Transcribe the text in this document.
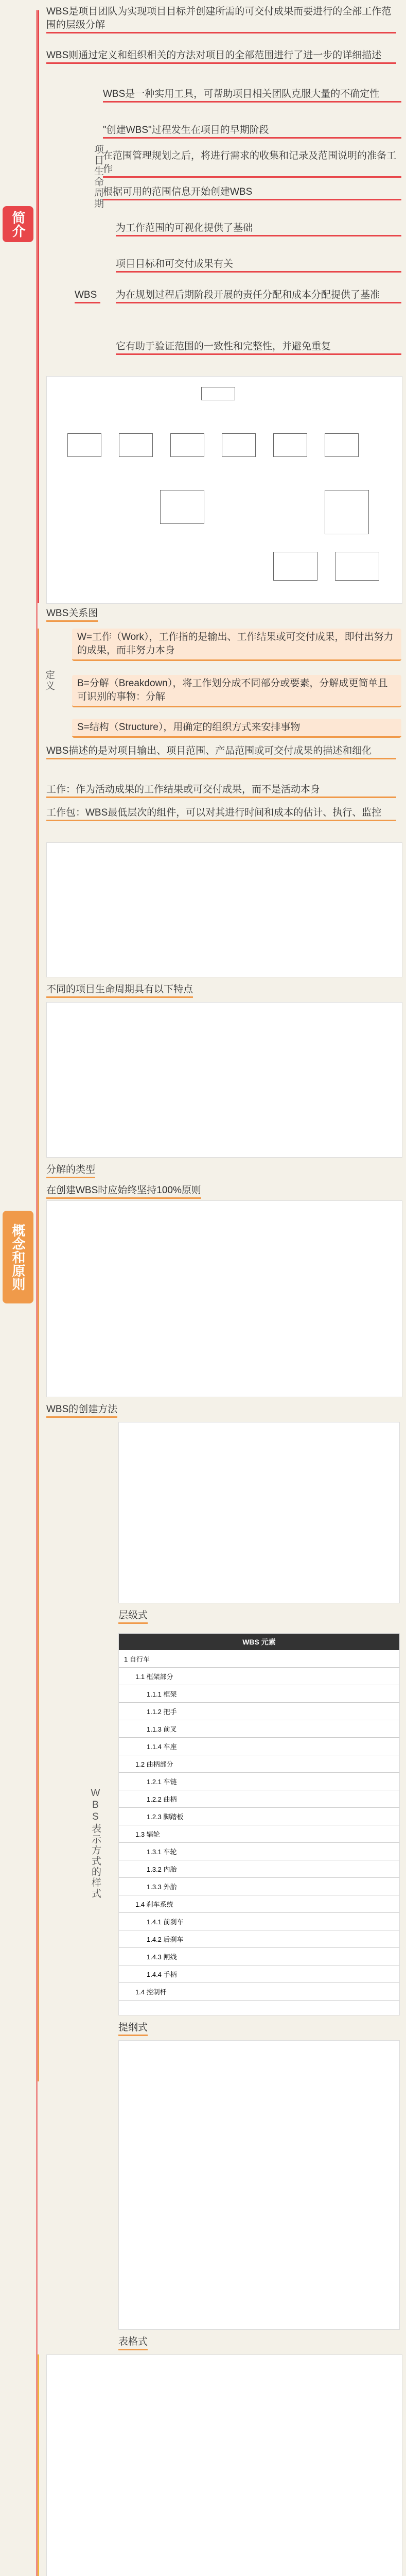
简介
WBS是项目团队为实现项目目标并创建所需的可交付成果而要进行的全部工作范围的层级分解
WBS则通过定义和组织相关的方法对项目的全部范围进行了进一步的详细描述
项目生命周期
WBS是一种实用工具，可帮助项目相关团队克服大量的不确定性
"创建WBS"过程发生在项目的早期阶段
在范围管理规划之后，将进行需求的收集和记录及范围说明的准备工作
根据可用的范围信息开始创建WBS
WBS
为工作范围的可视化提供了基础
项目目标和可交付成果有关
为在规划过程后期阶段开展的责任分配和成本分配提供了基准
它有助于验证范围的一致性和完整性，并避免重复
WBS关系图
概念和原则
定义
W=工作（Work），工作指的是输出、工作结果或可交付成果，即付出努力的成果，而非努力本身
B=分解（Breakdown），将工作划分成不同部分或要素，分解成更简单且可识别的事物：分解
S=结构（Structure），用确定的组织方式来安排事物
WBS描述的是对项目输出、项目范围、产品范围或可交付成果的描述和细化
工作：作为活动成果的工作结果或可交付成果，而不是活动本身
工作包：WBS最低层次的组件，可以对其进行时间和成本的估计、执行、监控
不同的项目生命周期具有以下特点
分解的类型
在创建WBS时应始终坚持100%原则
WBS的创建方法
WBS表示方式的样式
层级式
WBS 元素
1 自行车
1.1 框架部分
1.1.1 框架
1.1.2 把手
1.1.3 前叉
1.1.4 车座
1.2 曲柄部分
1.2.1 车链
1.2.2 曲柄
1.2.3 脚踏板
1.3 辐轮
1.3.1 车轮
1.3.2 内胎
1.3.3 外胎
1.4 刹车系统
1.4.1 前刹车
1.4.2 后刹车
1.4.3 闸线
1.4.4 手柄
1.4 控制杆
提纲式
表格式
